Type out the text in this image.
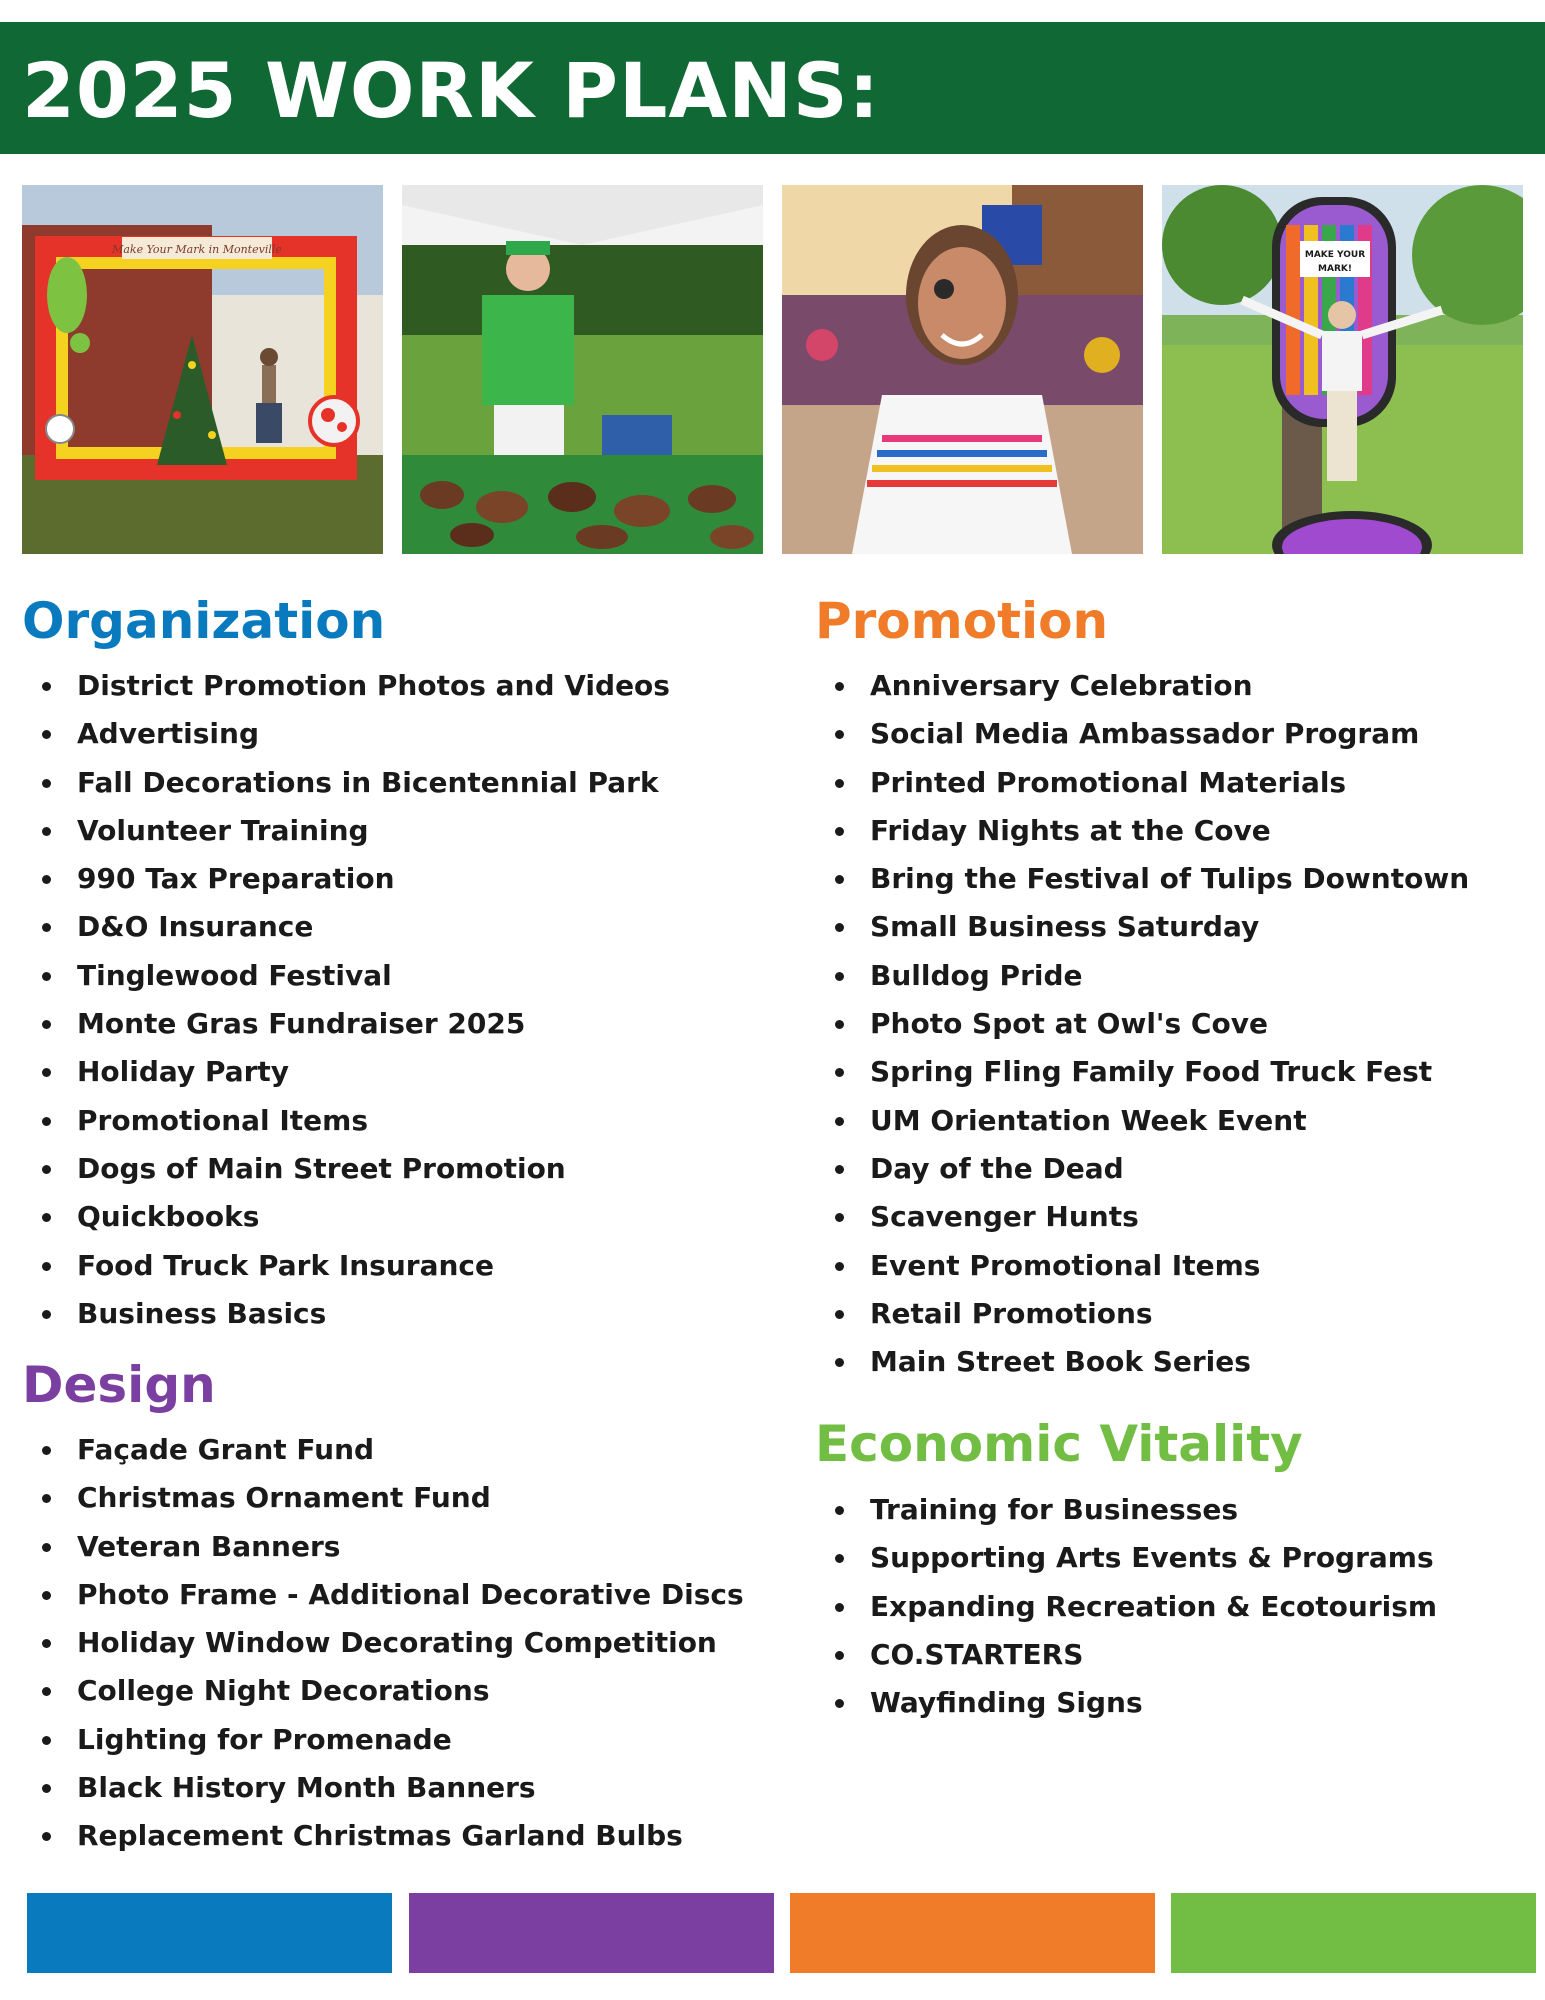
2025 WORK PLANS:
Make Your Mark in Monteville	MAKE YOUR
MARK!
Organization
District Promotion Photos and Videos
Advertising
Fall Decorations in Bicentennial Park
Volunteer Training
990 Tax Preparation
D&O Insurance
Tinglewood Festival
Monte Gras Fundraiser 2025
Holiday Party
Promotional Items
Dogs of Main Street Promotion
Quickbooks
Food Truck Park Insurance
Business Basics
Design
Façade Grant Fund
Christmas Ornament Fund
Veteran Banners
Photo Frame - Additional Decorative Discs
Holiday Window Decorating Competition
College Night Decorations
Lighting for Promenade
Black History Month Banners
Replacement Christmas Garland Bulbs
Promotion
Anniversary Celebration
Social Media Ambassador Program
Printed Promotional Materials
Friday Nights at the Cove
Bring the Festival of Tulips Downtown
Small Business Saturday
Bulldog Pride
Photo Spot at Owl's Cove
Spring Fling Family Food Truck Fest
UM Orientation Week Event
Day of the Dead
Scavenger Hunts
Event Promotional Items
Retail Promotions
Main Street Book Series
Economic Vitality
Training for Businesses
Supporting Arts Events & Programs
Expanding Recreation & Ecotourism
CO.STARTERS
Wayfinding Signs
